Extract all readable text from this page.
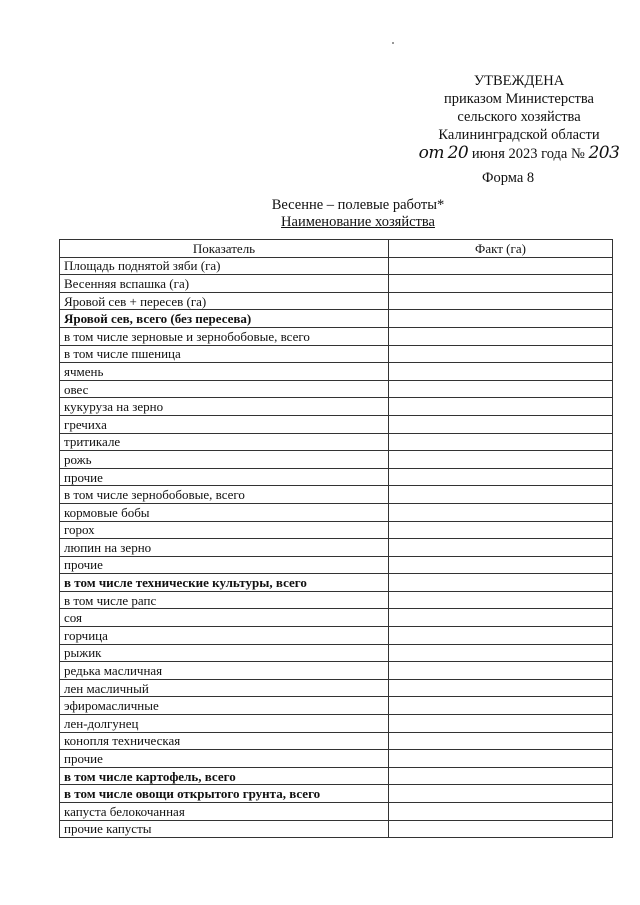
УТВЕЖДЕНА
приказом Министерства
сельского хозяйства
Калининградской области
от 20 июня 2023 года № 203
Форма 8
Весенне – полевые работы*
Наименование хозяйства
Показатель	Факт (га)
Площадь поднятой зяби (га)	
Весенняя вспашка (га)	
Яровой сев + пересев (га)	
Яровой сев, всего (без пересева)	
в том числе зерновые и зернобобовые, всего	
в том числе пшеница	
ячмень	
овес	
кукуруза на зерно	
гречиха	
тритикале	
рожь	
прочие	
в том числе зернобобовые, всего	
кормовые бобы	
горох	
люпин на зерно	
прочие	
в том числе технические культуры, всего	
в том числе рапс	
соя	
горчица	
рыжик	
редька масличная	
лен масличный	
эфиромасличные	
лен-долгунец	
конопля техническая	
прочие	
в том числе картофель, всего	
в том числе овощи открытого грунта, всего	
капуста белокочанная	
прочие капусты	
